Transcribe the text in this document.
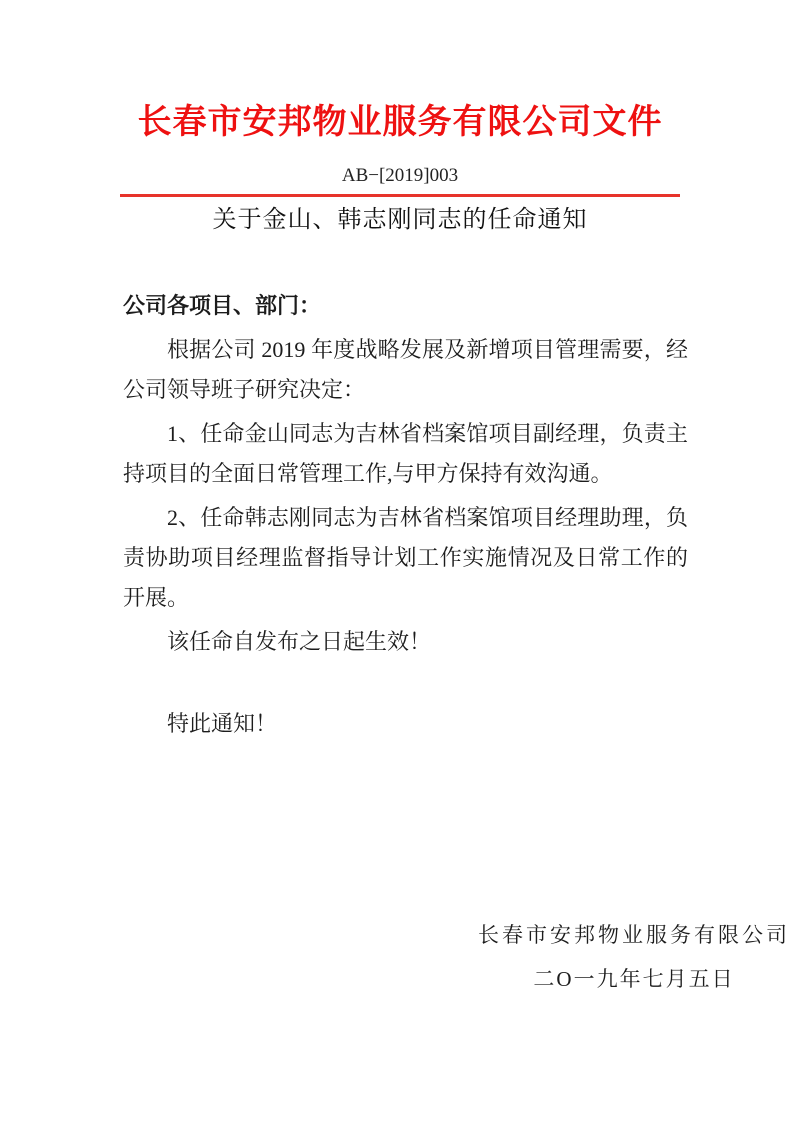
长春市安邦物业服务有限公司文件
AB−[2019]003
关于金山、韩志刚同志的任命通知

公司各项目、部门：

根据公司 2019 年度战略发展及新增项目管理需要，经公司领导班子研究决定：

1、任命金山同志为吉林省档案馆项目副经理，负责主持项目的全面日常管理工作,与甲方保持有效沟通。

2、任命韩志刚同志为吉林省档案馆项目经理助理，负责协助项目经理监督指导计划工作实施情况及日常工作的开展。

该任命自发布之日起生效！

特此通知！

长春市安邦物业服务有限公司
二O一九年七月五日
